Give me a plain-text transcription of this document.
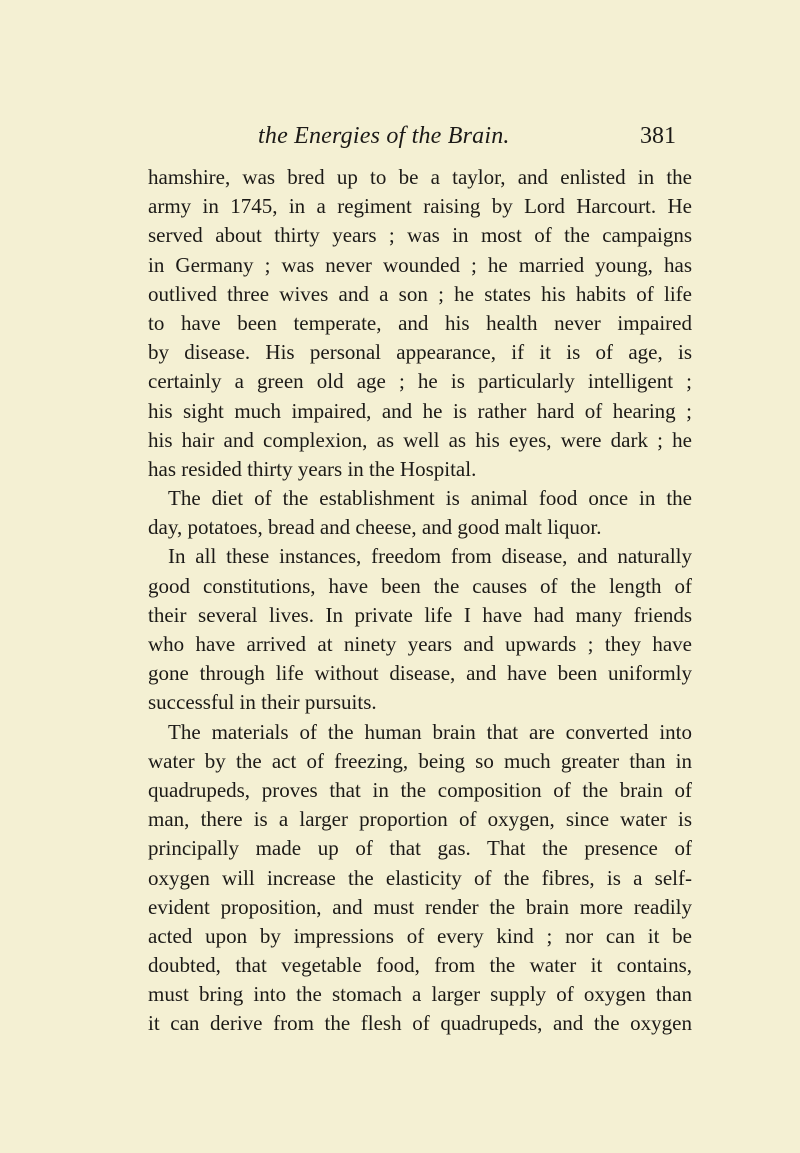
the Energies of the Brain.	381
hamshire, was bred up to be a taylor, and enlisted in the
army in 1745, in a regiment raising by Lord Harcourt. He
served about thirty years ; was in most of the campaigns
in Germany ; was never wounded ; he married young, has
outlived three wives and a son ; he states his habits of life
to have been temperate, and his health never impaired
by disease. His personal appearance, if it is of age, is
certainly a green old age ; he is particularly intelligent ;
his sight much impaired, and he is rather hard of hearing ;
his hair and complexion, as well as his eyes, were dark ; he
has resided thirty years in the Hospital.
The diet of the establishment is animal food once in the
day, potatoes, bread and cheese, and good malt liquor.
In all these instances, freedom from disease, and naturally
good constitutions, have been the causes of the length of
their several lives. In private life I have had many friends
who have arrived at ninety years and upwards ; they have
gone through life without disease, and have been uniformly
successful in their pursuits.
The materials of the human brain that are converted into
water by the act of freezing, being so much greater than in
quadrupeds, proves that in the composition of the brain of
man, there is a larger proportion of oxygen, since water is
principally made up of that gas. That the presence of
oxygen will increase the elasticity of the fibres, is a self-
evident proposition, and must render the brain more readily
acted upon by impressions of every kind ; nor can it be
doubted, that vegetable food, from the water it contains,
must bring into the stomach a larger supply of oxygen than
it can derive from the flesh of quadrupeds, and the oxygen
